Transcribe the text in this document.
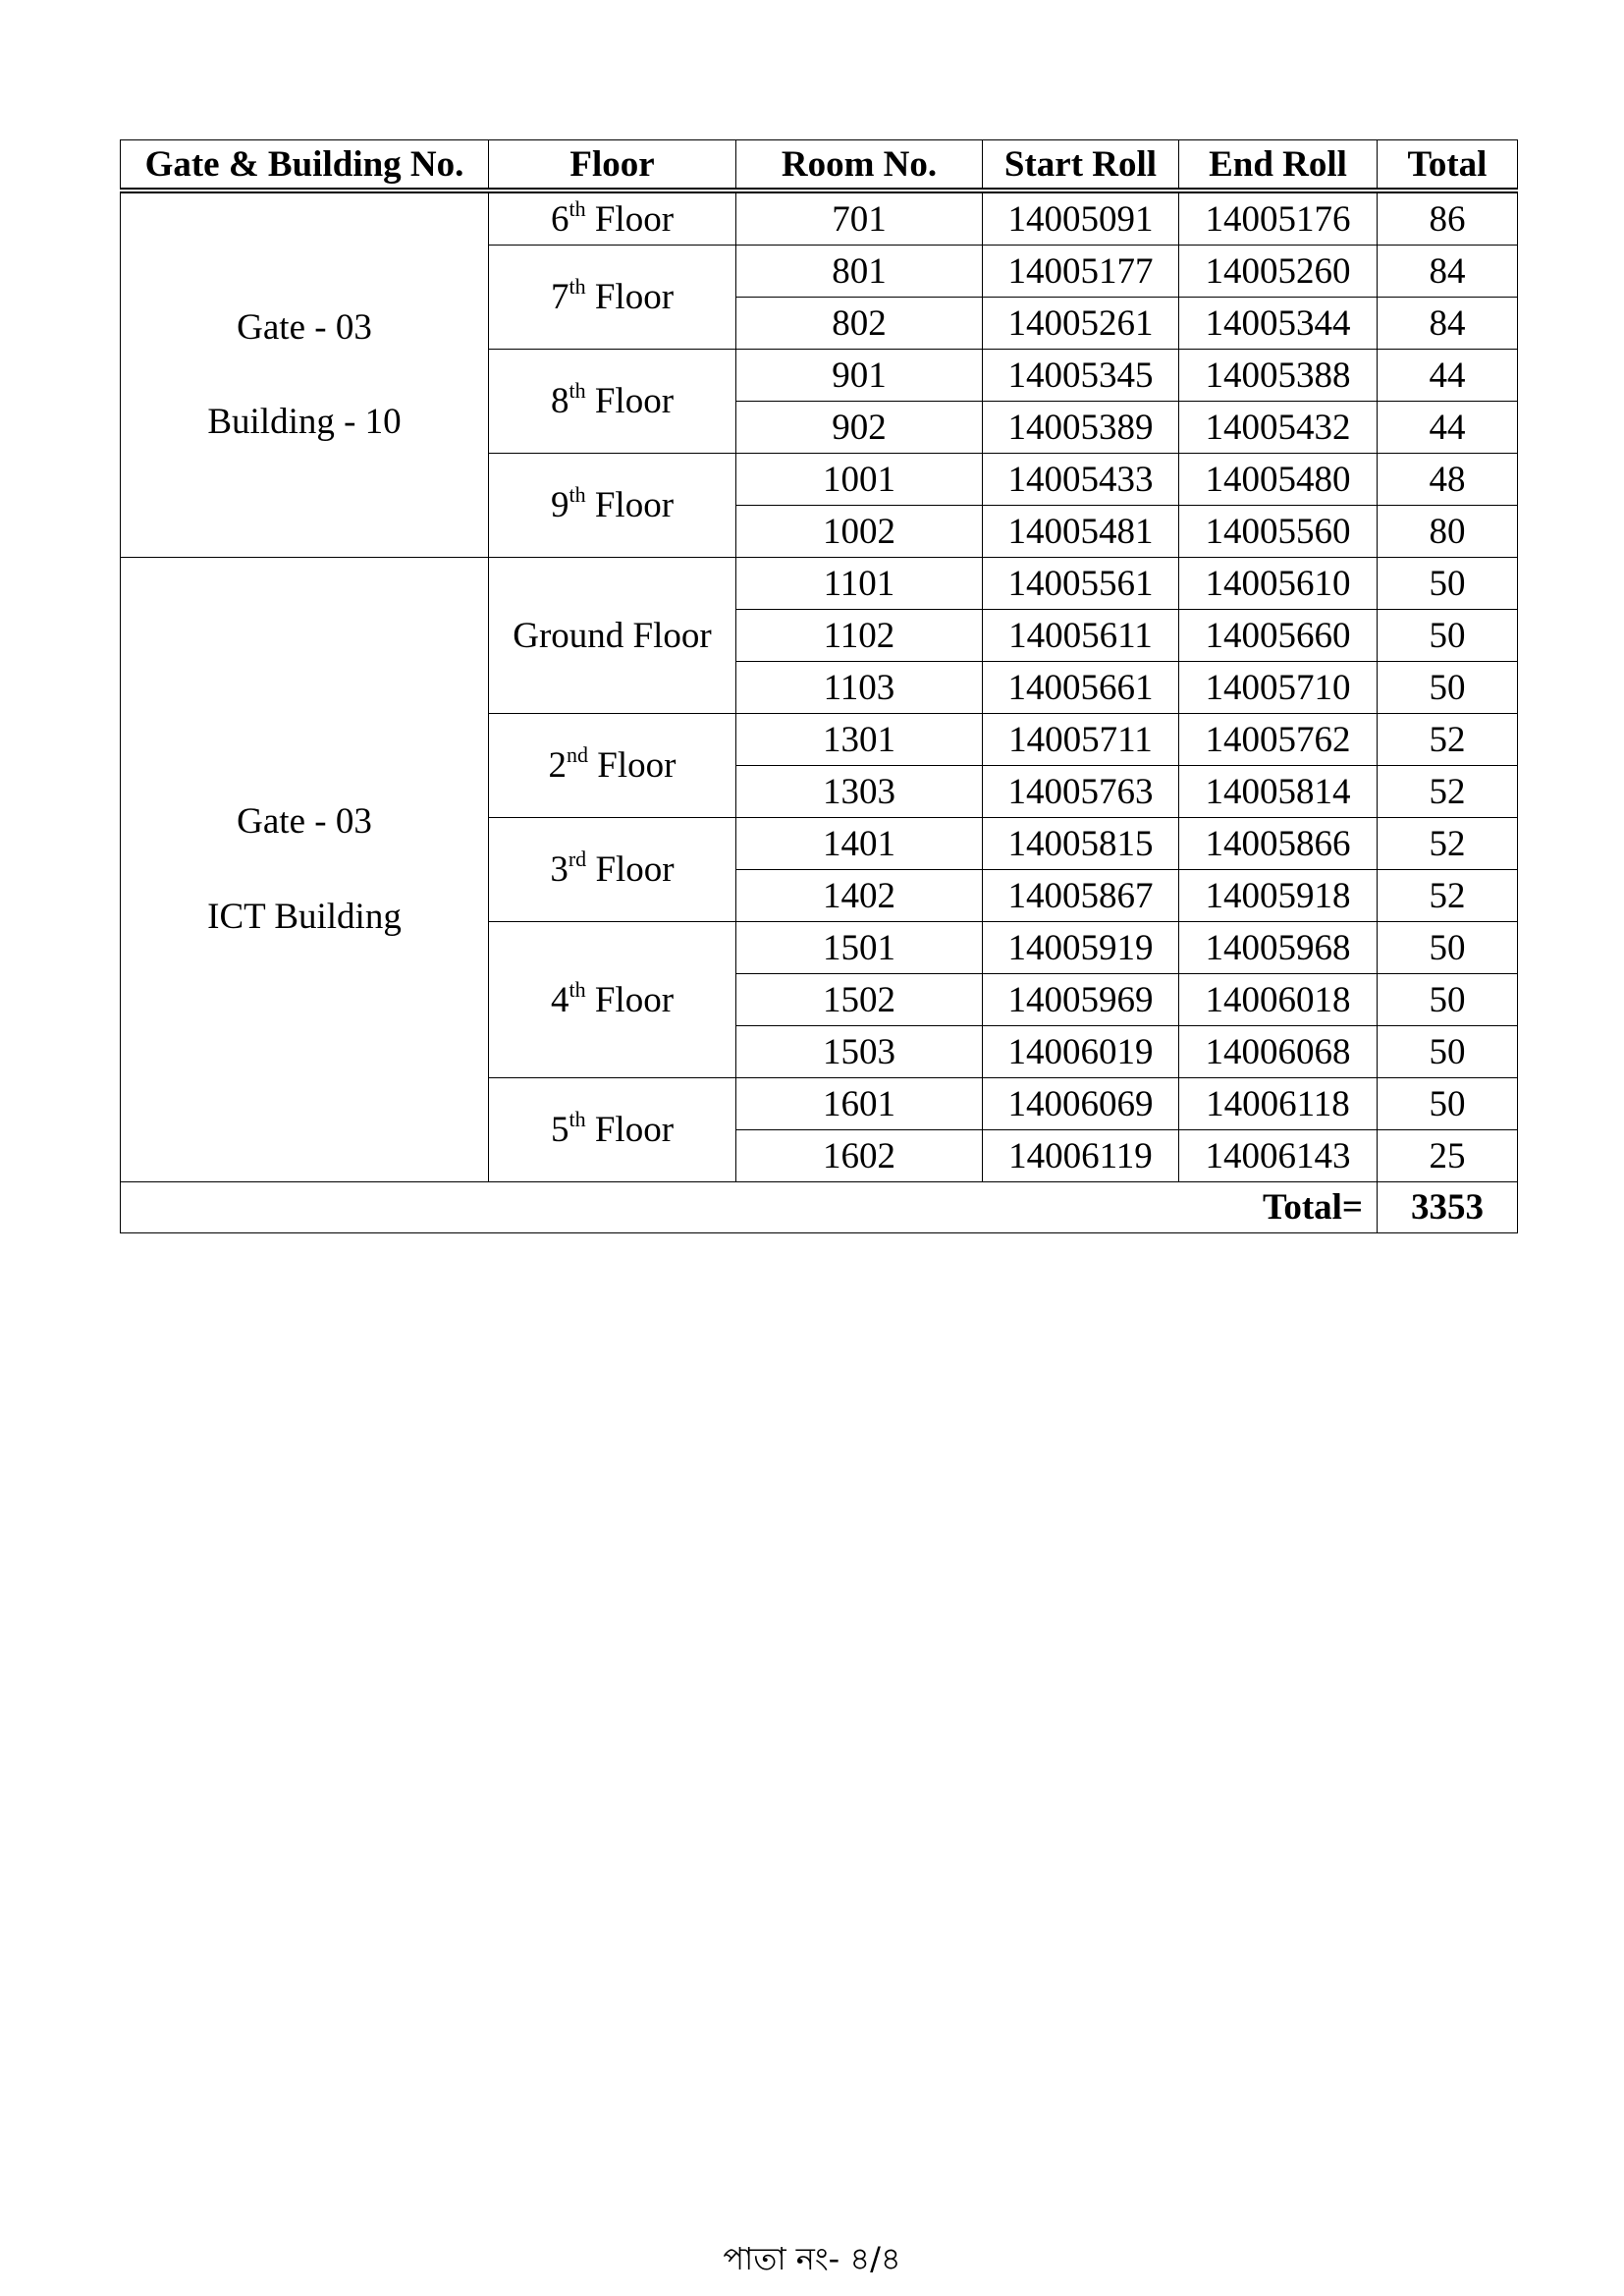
Gate & Building No.	Floor	Room No.	Start Roll	End Roll	Total

Gate - 03
Building - 10	6th Floor	701	14005091	14005176	86
	7th Floor	801	14005177	14005260	84
		802	14005261	14005344	84
	8th Floor	901	14005345	14005388	44
		902	14005389	14005432	44
	9th Floor	1001	14005433	14005480	48
		1002	14005481	14005560	80

Gate - 03
ICT Building	Ground Floor	1101	14005561	14005610	50
		1102	14005611	14005660	50
		1103	14005661	14005710	50
	2nd Floor	1301	14005711	14005762	52
		1303	14005763	14005814	52
	3rd Floor	1401	14005815	14005866	52
		1402	14005867	14005918	52
	4th Floor	1501	14005919	14005968	50
		1502	14005969	14006018	50
		1503	14006019	14006068	50
	5th Floor	1601	14006069	14006118	50
		1602	14006119	14006143	25
Total=					3353
পাতা নং- ৪/৪
